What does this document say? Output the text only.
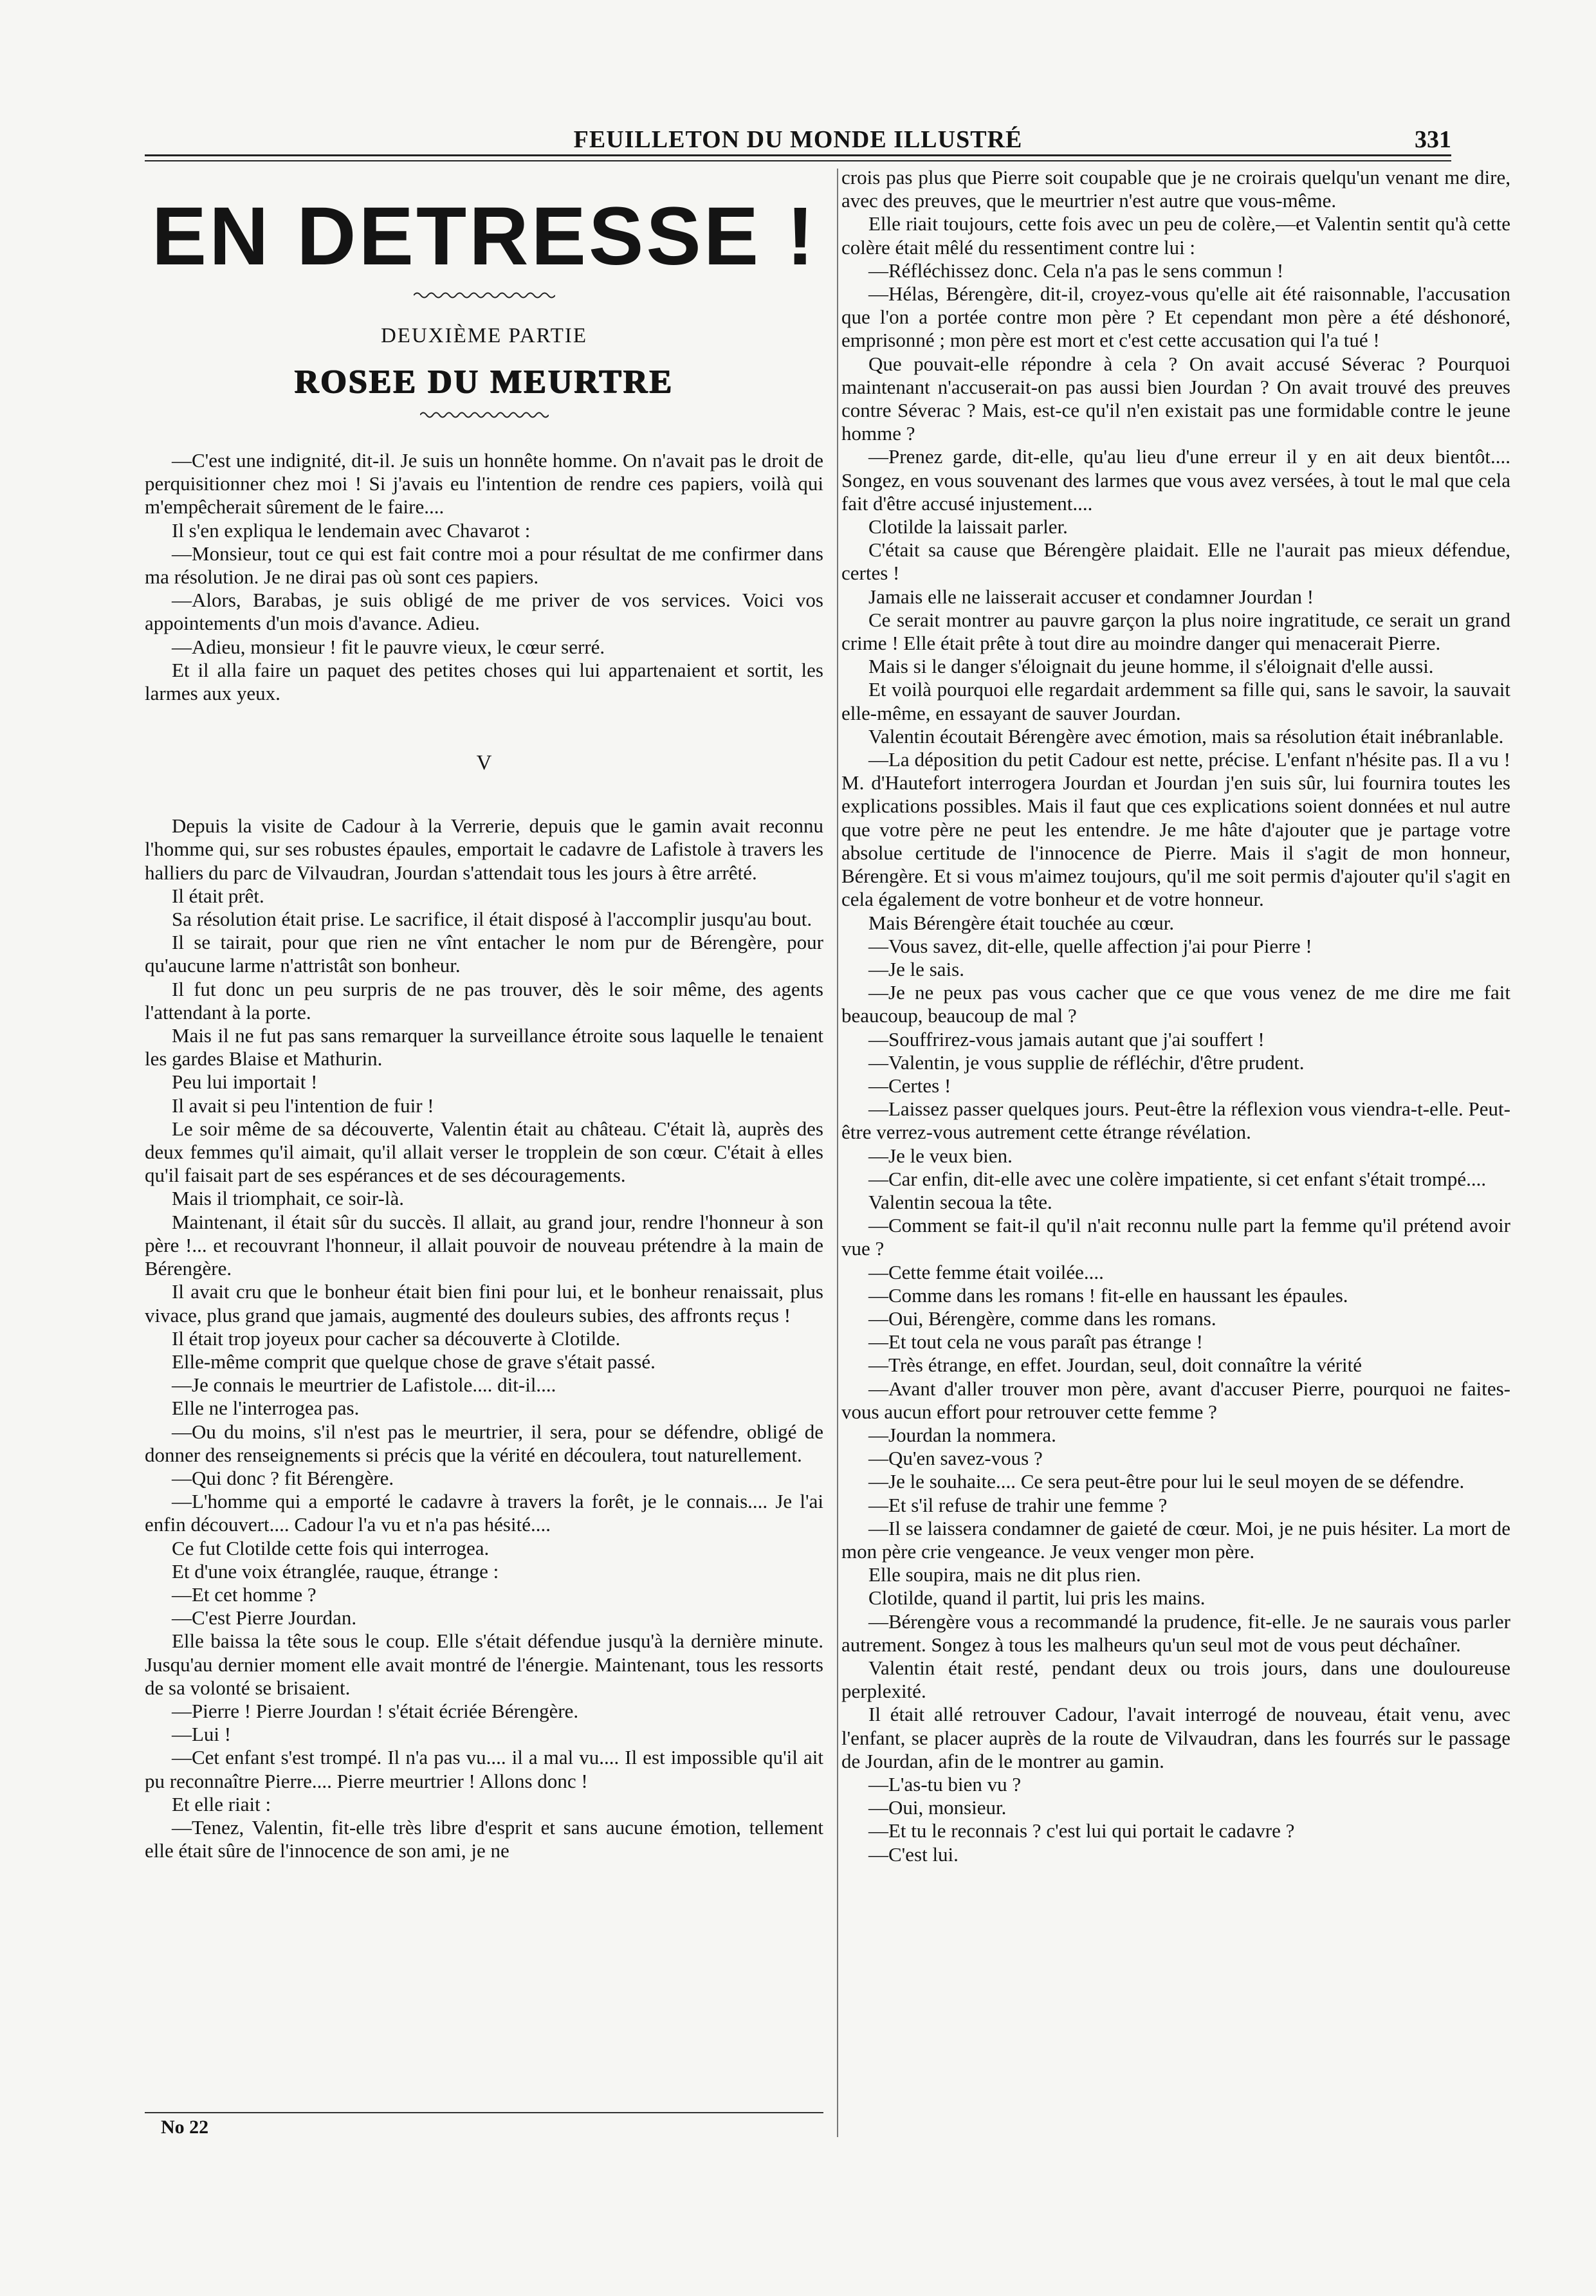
FEUILLETON DU MONDE ILLUSTRÉ	331
EN DETRESSE !
DEUXIÈME PARTIE
ROSEE DU MEURTRE

—C'est une indignité, dit-il. Je suis un honnête homme. On n'avait pas le droit de perquisitionner chez moi ! Si j'avais eu l'intention de rendre ces papiers, voilà qui m'empêcherait sûrement de le faire....

Il s'en expliqua le lendemain avec Chavarot :

—Monsieur, tout ce qui est fait contre moi a pour résultat de me confirmer dans ma résolution. Je ne dirai pas où sont ces papiers.

—Alors, Barabas, je suis obligé de me priver de vos services. Voici vos appointements d'un mois d'avance. Adieu.

—Adieu, monsieur ! fit le pauvre vieux, le cœur serré.

Et il alla faire un paquet des petites choses qui lui appartenaient et sortit, les larmes aux yeux.

V

Depuis la visite de Cadour à la Verrerie, depuis que le gamin avait reconnu l'homme qui, sur ses robustes épaules, emportait le cadavre de Lafistole à travers les halliers du parc de Vilvaudran, Jourdan s'attendait tous les jours à être arrêté.

Il était prêt.

Sa résolution était prise. Le sacrifice, il était disposé à l'accomplir jusqu'au bout.

Il se tairait, pour que rien ne vînt entacher le nom pur de Bérengère, pour qu'aucune larme n'attristât son bonheur.

Il fut donc un peu surpris de ne pas trouver, dès le soir même, des agents l'attendant à la porte.

Mais il ne fut pas sans remarquer la surveillance étroite sous laquelle le tenaient les gardes Blaise et Mathurin.

Peu lui importait !

Il avait si peu l'intention de fuir !

Le soir même de sa découverte, Valentin était au château. C'était là, auprès des deux femmes qu'il aimait, qu'il allait verser le tropplein de son cœur. C'était à elles qu'il faisait part de ses espérances et de ses découragements.

Mais il triomphait, ce soir-là.

Maintenant, il était sûr du succès. Il allait, au grand jour, rendre l'honneur à son père !... et recouvrant l'honneur, il allait pouvoir de nouveau prétendre à la main de Bérengère.

Il avait cru que le bonheur était bien fini pour lui, et le bonheur renaissait, plus vivace, plus grand que jamais, augmenté des douleurs subies, des affronts reçus !

Il était trop joyeux pour cacher sa découverte à Clotilde.

Elle-même comprit que quelque chose de grave s'était passé.

—Je connais le meurtrier de Lafistole.... dit-il....

Elle ne l'interrogea pas.

—Ou du moins, s'il n'est pas le meurtrier, il sera, pour se défendre, obligé de donner des renseignements si précis que la vérité en découlera, tout naturellement.

—Qui donc ? fit Bérengère.

—L'homme qui a emporté le cadavre à travers la forêt, je le connais.... Je l'ai enfin découvert.... Cadour l'a vu et n'a pas hésité....

Ce fut Clotilde cette fois qui interrogea.

Et d'une voix étranglée, rauque, étrange :

—Et cet homme ?

—C'est Pierre Jourdan.

Elle baissa la tête sous le coup. Elle s'était défendue jusqu'à la dernière minute. Jusqu'au dernier moment elle avait montré de l'énergie. Maintenant, tous les ressorts de sa volonté se brisaient.

—Pierre ! Pierre Jourdan ! s'était écriée Bérengère.

—Lui !

—Cet enfant s'est trompé. Il n'a pas vu.... il a mal vu.... Il est impossible qu'il ait pu reconnaître Pierre.... Pierre meurtrier ! Allons donc !

Et elle riait :

—Tenez, Valentin, fit-elle très libre d'esprit et sans aucune émotion, tellement elle était sûre de l'innocence de son ami, je ne

crois pas plus que Pierre soit coupable que je ne croirais quelqu'un venant me dire, avec des preuves, que le meurtrier n'est autre que vous-même.

Elle riait toujours, cette fois avec un peu de colère,—et Valentin sentit qu'à cette colère était mêlé du ressentiment contre lui :

—Réfléchissez donc. Cela n'a pas le sens commun !

—Hélas, Bérengère, dit-il, croyez-vous qu'elle ait été raisonnable, l'accusation que l'on a portée contre mon père ? Et cependant mon père a été déshonoré, emprisonné ; mon père est mort et c'est cette accusation qui l'a tué !

Que pouvait-elle répondre à cela ? On avait accusé Séverac ? Pourquoi maintenant n'accuserait-on pas aussi bien Jourdan ? On avait trouvé des preuves contre Séverac ? Mais, est-ce qu'il n'en existait pas une formidable contre le jeune homme ?

—Prenez garde, dit-elle, qu'au lieu d'une erreur il y en ait deux bientôt.... Songez, en vous souvenant des larmes que vous avez versées, à tout le mal que cela fait d'être accusé injustement....

Clotilde la laissait parler.

C'était sa cause que Bérengère plaidait. Elle ne l'aurait pas mieux défendue, certes !

Jamais elle ne laisserait accuser et condamner Jourdan !

Ce serait montrer au pauvre garçon la plus noire ingratitude, ce serait un grand crime ! Elle était prête à tout dire au moindre danger qui menacerait Pierre.

Mais si le danger s'éloignait du jeune homme, il s'éloignait d'elle aussi.

Et voilà pourquoi elle regardait ardemment sa fille qui, sans le savoir, la sauvait elle-même, en essayant de sauver Jourdan.

Valentin écoutait Bérengère avec émotion, mais sa résolution était inébranlable.

—La déposition du petit Cadour est nette, précise. L'enfant n'hésite pas. Il a vu ! M. d'Hautefort interrogera Jourdan et Jourdan j'en suis sûr, lui fournira toutes les explications possibles. Mais il faut que ces explications soient données et nul autre que votre père ne peut les entendre. Je me hâte d'ajouter que je partage votre absolue certitude de l'innocence de Pierre. Mais il s'agit de mon honneur, Bérengère. Et si vous m'aimez toujours, qu'il me soit permis d'ajouter qu'il s'agit en cela également de votre bonheur et de votre honneur.

Mais Bérengère était touchée au cœur.

—Vous savez, dit-elle, quelle affection j'ai pour Pierre !

—Je le sais.

—Je ne peux pas vous cacher que ce que vous venez de me dire me fait beaucoup, beaucoup de mal ?

—Souffrirez-vous jamais autant que j'ai souffert !

—Valentin, je vous supplie de réfléchir, d'être prudent.

—Certes !

—Laissez passer quelques jours. Peut-être la réflexion vous viendra-t-elle. Peut-être verrez-vous autrement cette étrange révélation.

—Je le veux bien.

—Car enfin, dit-elle avec une colère impatiente, si cet enfant s'était trompé....

Valentin secoua la tête.

—Comment se fait-il qu'il n'ait reconnu nulle part la femme qu'il prétend avoir vue ?

—Cette femme était voilée....

—Comme dans les romans ! fit-elle en haussant les épaules.

—Oui, Bérengère, comme dans les romans.

—Et tout cela ne vous paraît pas étrange !

—Très étrange, en effet. Jourdan, seul, doit connaître la vérité

—Avant d'aller trouver mon père, avant d'accuser Pierre, pourquoi ne faites-vous aucun effort pour retrouver cette femme ?

—Jourdan la nommera.

—Qu'en savez-vous ?

—Je le souhaite.... Ce sera peut-être pour lui le seul moyen de se défendre.

—Et s'il refuse de trahir une femme ?

—Il se laissera condamner de gaieté de cœur. Moi, je ne puis hésiter. La mort de mon père crie vengeance. Je veux venger mon père.

Elle soupira, mais ne dit plus rien.

Clotilde, quand il partit, lui pris les mains.

—Bérengère vous a recommandé la prudence, fit-elle. Je ne saurais vous parler autrement. Songez à tous les malheurs qu'un seul mot de vous peut déchaîner.

Valentin était resté, pendant deux ou trois jours, dans une douloureuse perplexité.

Il était allé retrouver Cadour, l'avait interrogé de nouveau, était venu, avec l'enfant, se placer auprès de la route de Vilvaudran, dans les fourrés sur le passage de Jourdan, afin de le montrer au gamin.

—L'as-tu bien vu ?

—Oui, monsieur.

—Et tu le reconnais ? c'est lui qui portait le cadavre ?

—C'est lui.

No 22
